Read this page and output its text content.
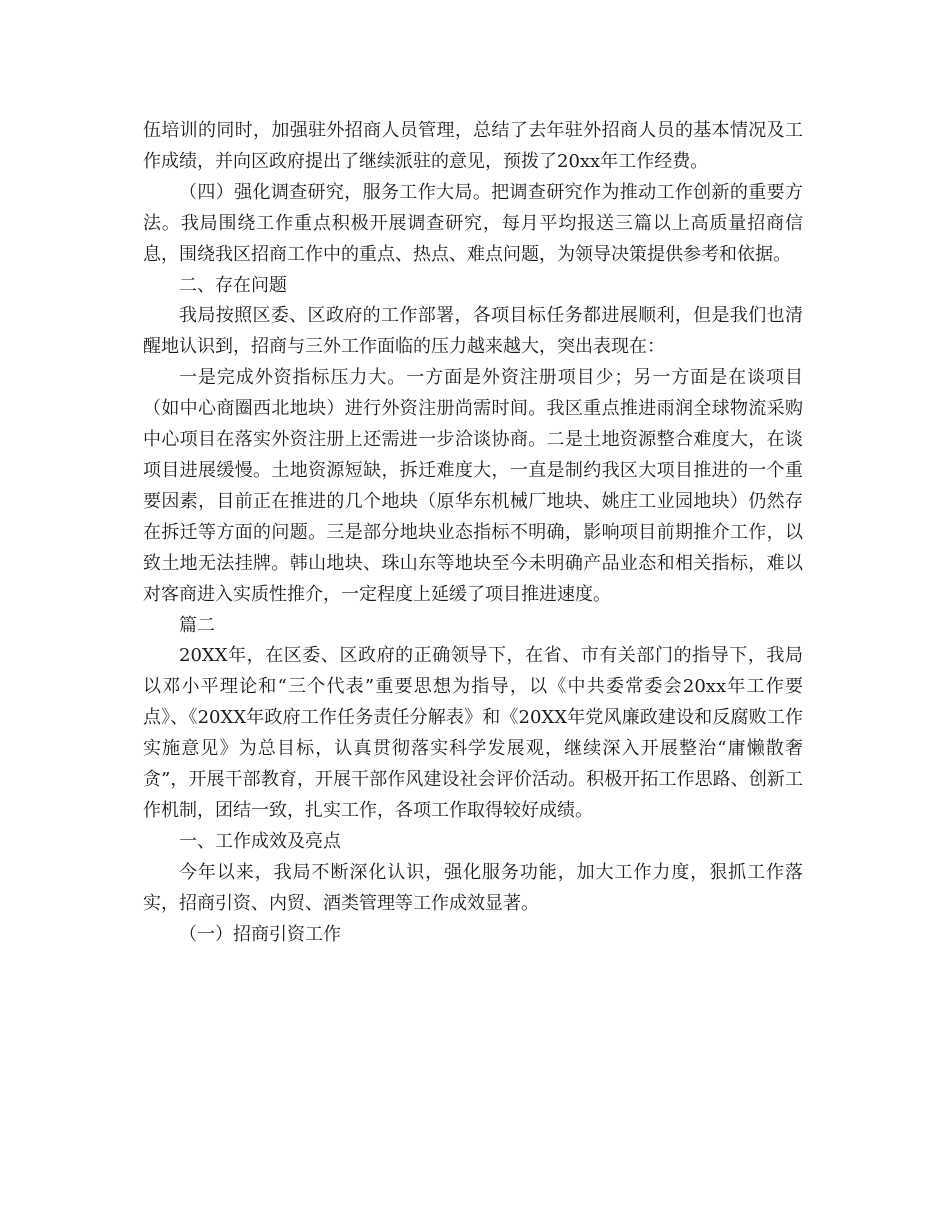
伍培训的同时，加强驻外招商人员管理，总结了去年驻外招商人员的基本情况及工作成绩，并向区政府提出了继续派驻的意见，预拨了20xx年工作经费。

（四）强化调查研究，服务工作大局。把调查研究作为推动工作创新的重要方法。我局围绕工作重点积极开展调查研究，每月平均报送三篇以上高质量招商信息，围绕我区招商工作中的重点、热点、难点问题，为领导决策提供参考和依据。

二、存在问题

我局按照区委、区政府的工作部署，各项目标任务都进展顺利，但是我们也清醒地认识到，招商与三外工作面临的压力越来越大，突出表现在：

一是完成外资指标压力大。一方面是外资注册项目少；另一方面是在谈项目（如中心商圈西北地块）进行外资注册尚需时间。我区重点推进雨润全球物流采购中心项目在落实外资注册上还需进一步洽谈协商。二是土地资源整合难度大，在谈项目进展缓慢。土地资源短缺，拆迁难度大，一直是制约我区大项目推进的一个重要因素，目前正在推进的几个地块（原华东机械厂地块、姚庄工业园地块）仍然存在拆迁等方面的问题。三是部分地块业态指标不明确，影响项目前期推介工作，以致土地无法挂牌。韩山地块、珠山东等地块至今未明确产品业态和相关指标，难以对客商进入实质性推介，一定程度上延缓了项目推进速度。

篇二

20XX年，在区委、区政府的正确领导下，在省、市有关部门的指导下，我局以邓小平理论和“三个代表”重要思想为指导，以《中共委常委会20xx年工作要点》、《20XX年政府工作任务责任分解表》和《20XX年党风廉政建设和反腐败工作实施意见》为总目标，认真贯彻落实科学发展观，继续深入开展整治“庸懒散奢贪”，开展干部教育，开展干部作风建设社会评价活动。积极开拓工作思路、创新工作机制，团结一致，扎实工作，各项工作取得较好成绩。

一、工作成效及亮点

今年以来，我局不断深化认识，强化服务功能，加大工作力度，狠抓工作落实，招商引资、内贸、酒类管理等工作成效显著。

（一）招商引资工作
